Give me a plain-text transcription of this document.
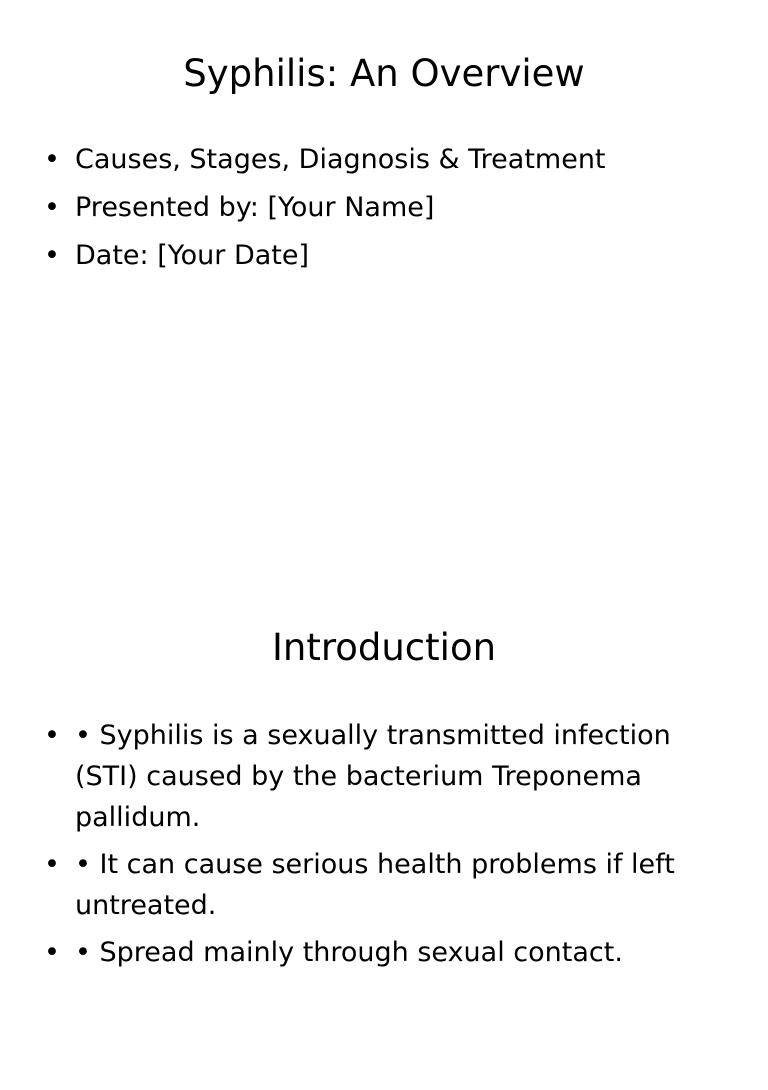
Syphilis: An Overview
• Causes, Stages, Diagnosis & Treatment
• Presented by: [Your Name]
• Date: [Your Date]
Introduction
• • Syphilis is a sexually transmitted infection (STI) caused by the bacterium Treponema pallidum.
• • It can cause serious health problems if left untreated.
• • Spread mainly through sexual contact.
